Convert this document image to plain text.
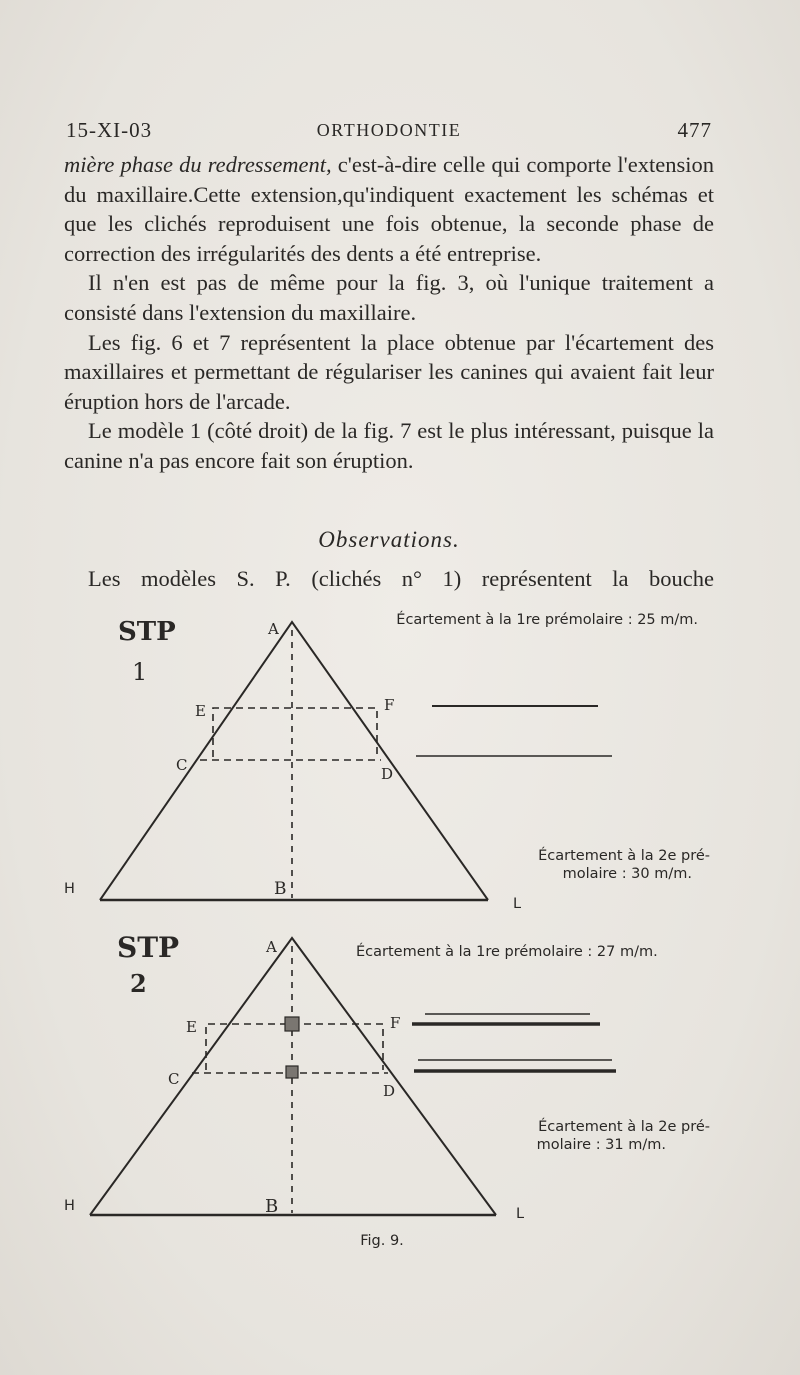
15-XI-03	ORTHODONTIE	477

mière phase du redressement, c'est-à-dire celle qui comporte l'extension du maxillaire.Cette extension,qu'indiquent exactement les schémas et que les clichés reproduisent une fois obtenue, la seconde phase de correction des irrégularités des dents a été entreprise.

Il n'en est pas de même pour la fig. 3, où l'unique traitement a consisté dans l'extension du maxillaire.

Les fig. 6 et 7 représentent la place obtenue par l'écartement des maxillaires et permettant de régulariser les canines qui avaient fait leur éruption hors de l'arcade.

Le modèle 1 (côté droit) de la fig. 7 est le plus intéressant, puisque la canine n'a pas encore fait son éruption.

Observations.
Les modèles S. P. (clichés n° 1) représentent la bouche
STP
1
A
E	F
C	D
B
H
L
Écartement à la 1re prémolaire : 25 m/m.
Écartement à la 2e pré-
molaire : 30 m/m.
STP
2
A
E	F
C
D
B
H	L
Écartement à la 1re prémolaire : 27 m/m.
Écartement à la 2e pré-
molaire : 31 m/m.
Fig. 9.
